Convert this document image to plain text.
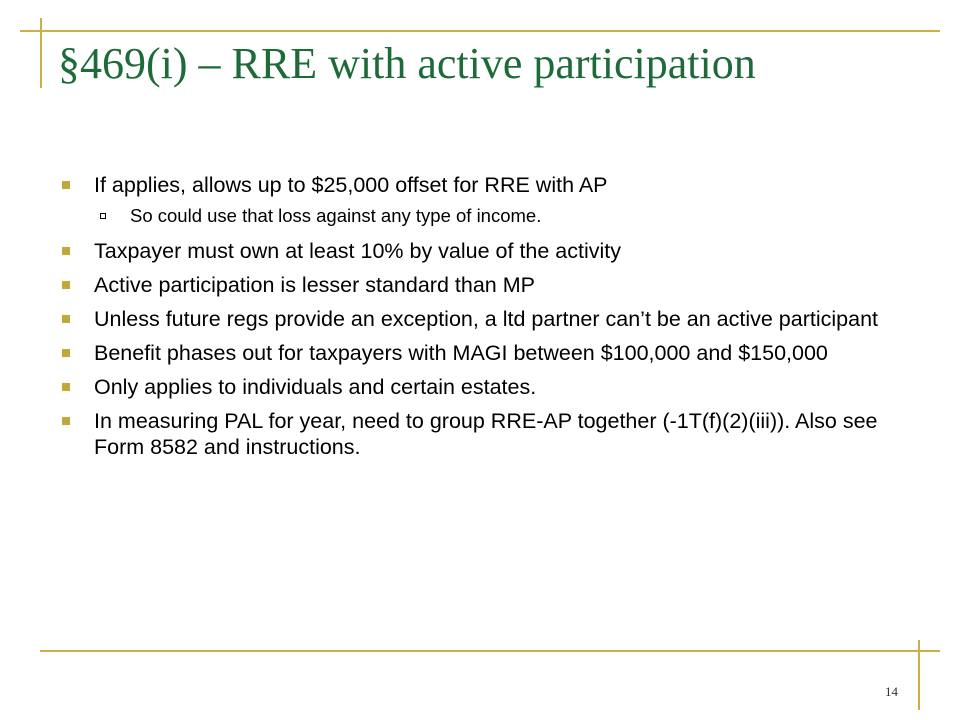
§469(i) – RRE with active participation
If applies, allows up to $25,000 offset for RRE with AP
So could use that loss against any type of income.
Taxpayer must own at least 10% by value of the activity
Active participation is lesser standard than MP
Unless future regs provide an exception, a ltd partner can’t be an active participant
Benefit phases out for taxpayers with MAGI between $100,000 and $150,000
Only applies to individuals and certain estates.
In measuring PAL for year, need to group RRE-AP together (-1T(f)(2)(iii)). Also see Form 8582 and instructions.
14
